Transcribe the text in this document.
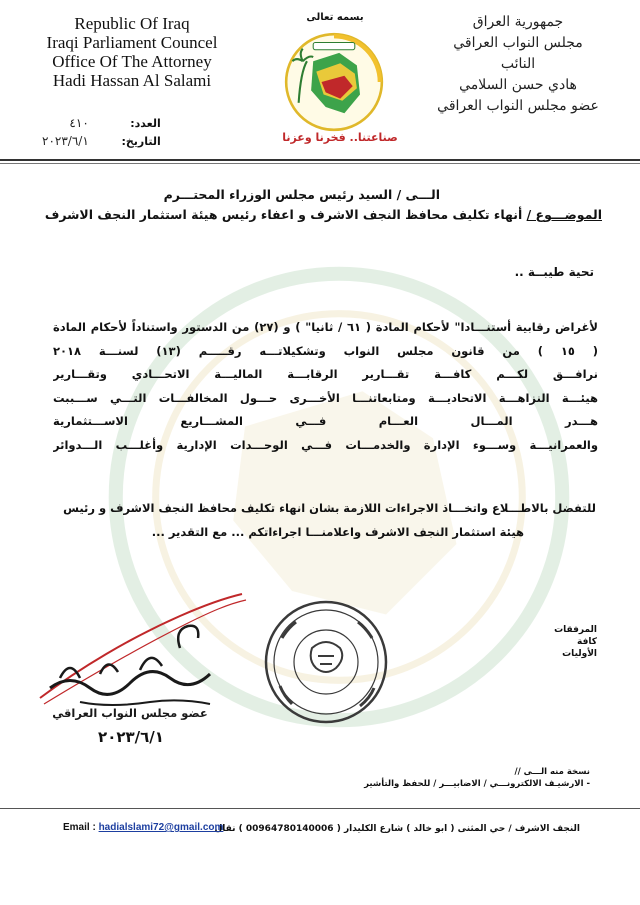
Republic Of Iraq
Iraqi Parliament Councel
Office Of The Attorney
Hadi Hassan Al Salami
بسمه تعالى
صناعتنا.. فخرنا وعزنا
جمهورية العراق
مجلس النواب العراقي
النائب
هادي حسن السلامي
عضو مجلس النواب العراقي
العدد:
٤١٠
التاريخ:
٢٠٢٣/٦/١
الـــى / السيد رئيس مجلس الوزراء المحتـــرم
الموضـــوع / أنهاء تكليف محافظ النجف الاشرف و اعفاء رئيس هيئة استثمار النجف الاشرف
تحية طيبــة ..
لأغراض رقابية أستنـــادا" لأحكام المادة ( ٦١ / ثانيا" ) و (٢٧) من الدستور واستناداً لأحكام المادة
( ١٥ ) من قانون مجلس النواب وتشكيلاتـــه رقـــــم (١٣) لسنـــة ٢٠١٨
نرافـــق لكـــم كافـــة تقـــارير الرقابـــة الماليـــة الاتحـــادي وتقـــارير
هيئـــة النزاهـــة الاتحاديـــة ومتابعاتنـــا الأخـــرى حـــول المخالفـــات التـــي ســـببت
هـــدر المـــال العـــام فـــي المشـــاريع الاســـتثمارية
والعمرانيـــة وســـوء الإدارة والخدمـــات فـــي الوحـــدات الإدارية وأغلـــب الـــدوائر
للتفضل بالاطـــلاع واتخـــاذ الاجراءات اللازمة بشان انهاء تكليف محافظ النجف الاشرف و رئيس
هيئة استثمار النجف الاشرف واعلامنـــا اجراءاتكم ... مع التقدير ...
عضو مجلس النواب العراقي
٢٠٢٣/٦/١
المرفقات
كافة الأوليات
نسخة منه الـــى //
- الارشيـف الالكترونـــي / الاضابيـــر / للحفظ والتأشير
النجف الاشرف / حي المثنى ( ابو خالد ) شارع الكليدار ( 00964780140006 ) نقال
Email : hadialslami72@gmail.com
